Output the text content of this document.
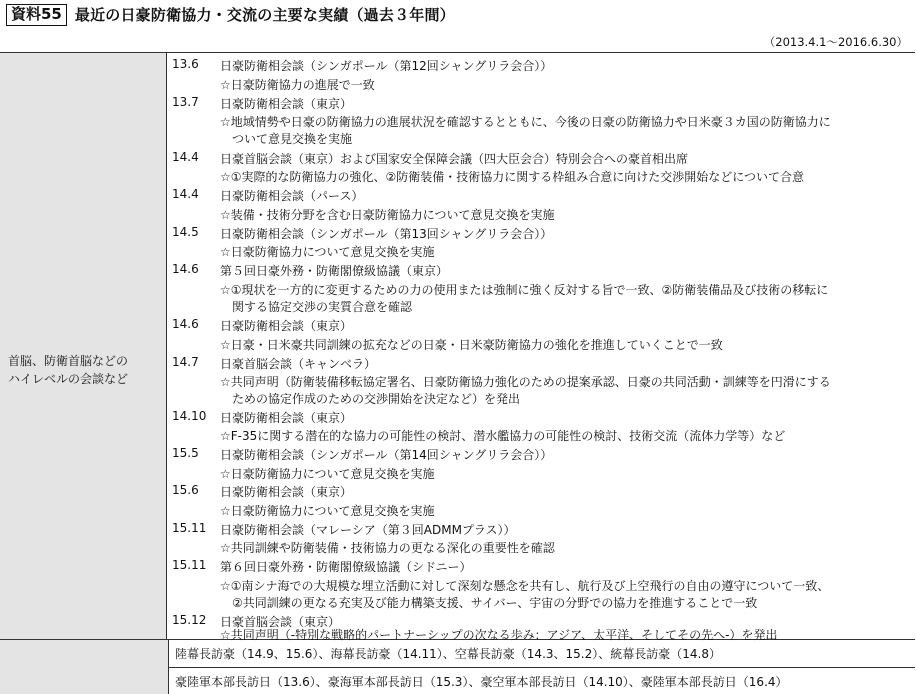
資料55 最近の日豪防衛協力・交流の主要な実績（過去３年間）
（2013.4.1～2016.6.30）
首脳、防衛首脳などの
ハイレベルの会談など
13.6 日豪防衛相会談（シンガポール（第12回シャングリラ会合））
☆日豪防衛協力の進展で一致
13.7 日豪防衛相会談（東京）
☆地域情勢や日豪の防衛協力の進展状況を確認するとともに、今後の日豪の防衛協力や日米豪３カ国の防衛協力に
ついて意見交換を実施
14.4 日豪首脳会談（東京）および国家安全保障会議（四大臣会合）特別会合への豪首相出席
☆①実際的な防衛協力の強化、②防衛装備・技術協力に関する枠組み合意に向けた交渉開始などについて合意
14.4 日豪防衛相会談（パース）
☆装備・技術分野を含む日豪防衛協力について意見交換を実施
14.5 日豪防衛相会談（シンガポール（第13回シャングリラ会合））
☆日豪防衛協力について意見交換を実施
14.6 第５回日豪外務・防衛閣僚級協議（東京）
☆①現状を一方的に変更するための力の使用または強制に強く反対する旨で一致、②防衛装備品及び技術の移転に
関する協定交渉の実質合意を確認
14.6 日豪防衛相会談（東京）
☆日豪・日米豪共同訓練の拡充などの日豪・日米豪防衛協力の強化を推進していくことで一致
14.7 日豪首脳会談（キャンベラ）
☆共同声明（防衛装備移転協定署名、日豪防衛協力強化のための提案承認、日豪の共同活動・訓練等を円滑にする
ための協定作成のための交渉開始を決定など）を発出
14.10 日豪防衛相会談（東京）
☆F-35に関する潜在的な協力の可能性の検討、潜水艦協力の可能性の検討、技術交流（流体力学等）など
15.5 日豪防衛相会談（シンガポール（第14回シャングリラ会合））
☆日豪防衛協力について意見交換を実施
15.6 日豪防衛相会談（東京）
☆日豪防衛協力について意見交換を実施
15.11 日豪防衛相会談（マレーシア（第３回ADMMプラス））
☆共同訓練や防衛装備・技術協力の更なる深化の重要性を確認
15.11 第６回日豪外務・防衛閣僚級協議（シドニー）
☆①南シナ海での大規模な埋立活動に対して深刻な懸念を共有し、航行及び上空飛行の自由の遵守について一致、
②共同訓練の更なる充実及び能力構築支援、サイバー、宇宙の分野での協力を推進することで一致
15.12 日豪首脳会談（東京）
陸幕長訪豪（14.9、15.6）、海幕長訪豪（14.11）、空幕長訪豪（14.3、15.2）、統幕長訪豪（14.8）
豪陸軍本部長訪日（13.6）、豪海軍本部長訪日（15.3）、豪空軍本部長訪日（14.10）、豪陸軍本部長訪日（16.4）
☆共同声明（-特別な戦略的パートナーシップの次なる歩み：アジア、太平洋、そしてその先へ-）を発出
